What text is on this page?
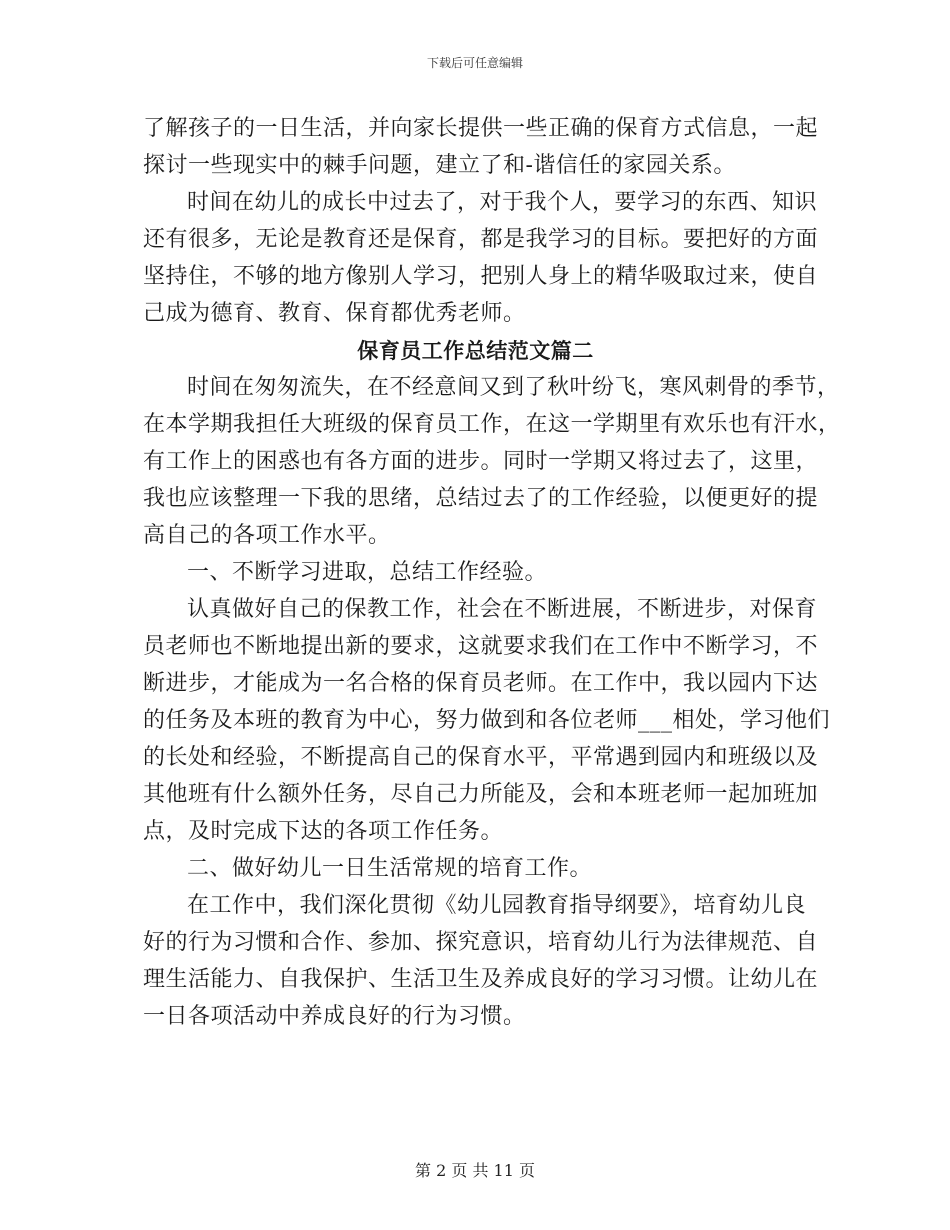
下载后可任意编辑
了解孩子的一日生活，并向家长提供一些正确的保育方式信息，一起
探讨一些现实中的棘手问题，建立了和-谐信任的家园关系。
时间在幼儿的成长中过去了，对于我个人，要学习的东西、知识
还有很多，无论是教育还是保育，都是我学习的目标。要把好的方面
坚持住，不够的地方像别人学习，把别人身上的精华吸取过来，使自
己成为德育、教育、保育都优秀老师。
保育员工作总结范文篇二
时间在匆匆流失，在不经意间又到了秋叶纷飞，寒风刺骨的季节，
在本学期我担任大班级的保育员工作，在这一学期里有欢乐也有汗水，
有工作上的困惑也有各方面的进步。同时一学期又将过去了，这里，
我也应该整理一下我的思绪，总结过去了的工作经验，以便更好的提
高自己的各项工作水平。
一、不断学习进取，总结工作经验。
认真做好自己的保教工作，社会在不断进展，不断进步，对保育
员老师也不断地提出新的要求，这就要求我们在工作中不断学习，不
断进步，才能成为一名合格的保育员老师。在工作中，我以园内下达
的任务及本班的教育为中心，努力做到和各位老师___相处，学习他们
的长处和经验，不断提高自己的保育水平，平常遇到园内和班级以及
其他班有什么额外任务，尽自己力所能及，会和本班老师一起加班加
点，及时完成下达的各项工作任务。
二、做好幼儿一日生活常规的培育工作。
在工作中，我们深化贯彻《幼儿园教育指导纲要》，培育幼儿良
好的行为习惯和合作、参加、探究意识，培育幼儿行为法律规范、自
理生活能力、自我保护、生活卫生及养成良好的学习习惯。让幼儿在
一日各项活动中养成良好的行为习惯。
第 2 页 共 11 页
